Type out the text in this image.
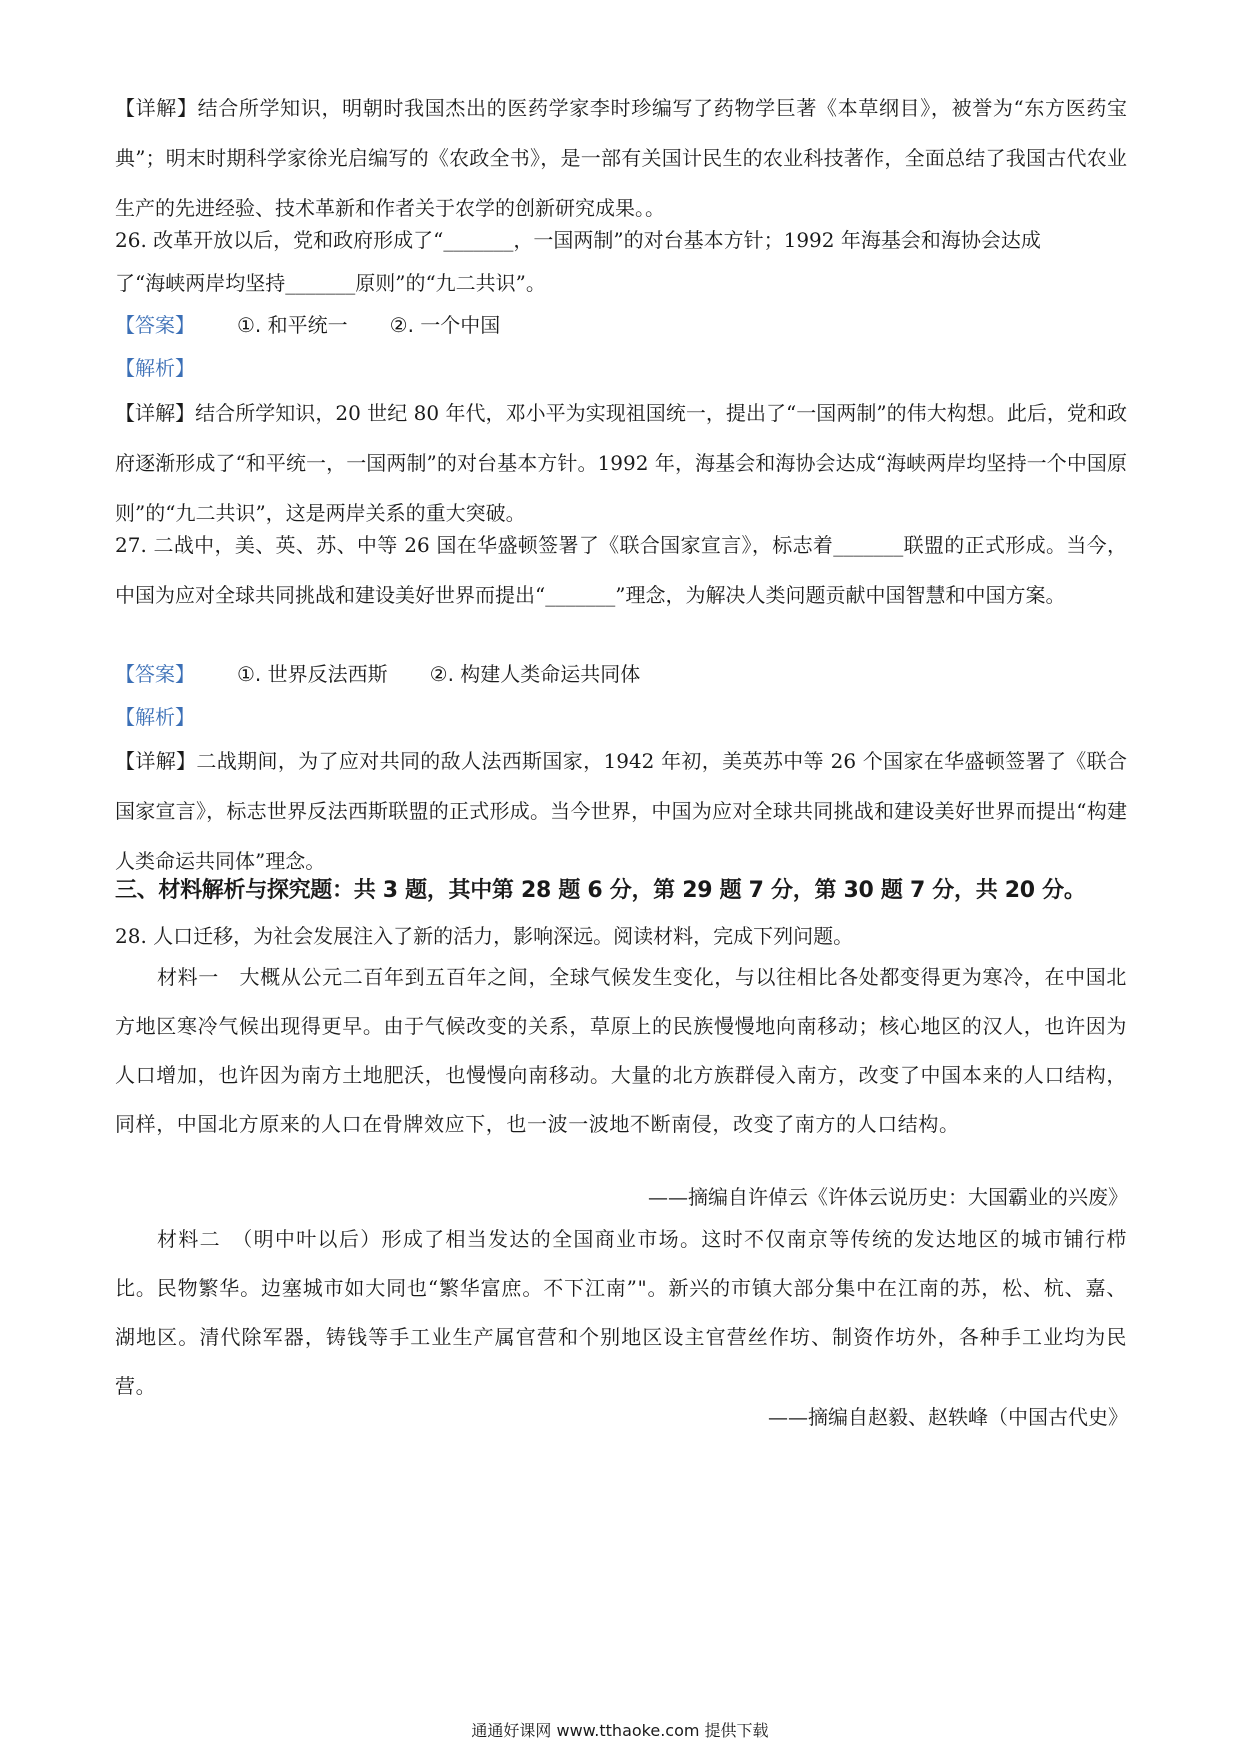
【详解】结合所学知识，明朝时我国杰出的医药学家李时珍编写了药物学巨著《本草纲目》，被誉为“东方医药宝典”；明末时期科学家徐光启编写的《农政全书》，是一部有关国计民生的农业科技著作，全面总结了我国古代农业生产的先进经验、技术革新和作者关于农学的创新研究成果。。

26. 改革开放以后，党和政府形成了“_______，一国两制”的对台基本方针；1992 年海基会和海协会达成

了“海峡两岸均坚持_______原则”的“九二共识”。

【答案】 ①. 和平统一 ②. 一个中国
【解析】

【详解】结合所学知识，20 世纪 80 年代，邓小平为实现祖国统一，提出了“一国两制”的伟大构想。此后，党和政府逐渐形成了“和平统一，一国两制”的对台基本方针。1992 年，海基会和海协会达成“海峡两岸均坚持一个中国原则”的“九二共识”，这是两岸关系的重大突破。

27. 二战中，美、英、苏、中等 26 国在华盛顿签署了《联合国家宣言》，标志着_______联盟的正式形成。当今，中国为应对全球共同挑战和建设美好世界而提出“_______”理念，为解决人类问题贡献中国智慧和中国方案。

【答案】 ①. 世界反法西斯 ②. 构建人类命运共同体
【解析】

【详解】二战期间，为了应对共同的敌人法西斯国家，1942 年初，美英苏中等 26 个国家在华盛顿签署了《联合国家宣言》，标志世界反法西斯联盟的正式形成。当今世界，中国为应对全球共同挑战和建设美好世界而提出“构建人类命运共同体”理念。

三、材料解析与探究题：共 3 题，其中第 28 题 6 分，第 29 题 7 分，第 30 题 7 分，共 20 分。

28. 人口迁移，为社会发展注入了新的活力，影响深远。阅读材料，完成下列问题。

材料一　大概从公元二百年到五百年之间，全球气候发生变化，与以往相比各处都变得更为寒冷，在中国北方地区寒冷气候出现得更早。由于气候改变的关系，草原上的民族慢慢地向南移动；核心地区的汉人，也许因为人口增加，也许因为南方土地肥沃，也慢慢向南移动。大量的北方族群侵入南方，改变了中国本来的人口结构，同样，中国北方原来的人口在骨牌效应下，也一波一波地不断南侵，改变了南方的人口结构。

——摘编自许倬云《许体云说历史：大国霸业的兴废》

材料二　（明中叶以后）形成了相当发达的全国商业市场。这时不仅南京等传统的发达地区的城市铺行栉比。民物繁华。边塞城市如大同也“繁华富庶。不下江南”"。新兴的市镇大部分集中在江南的苏，松、杭、嘉、湖地区。清代除军器，铸钱等手工业生产属官营和个别地区设主官营丝作坊、制资作坊外，各种手工业均为民营。

——摘编自赵毅、赵轶峰（中国古代史》
通通好课网 www.tthaoke.com 提供下载
